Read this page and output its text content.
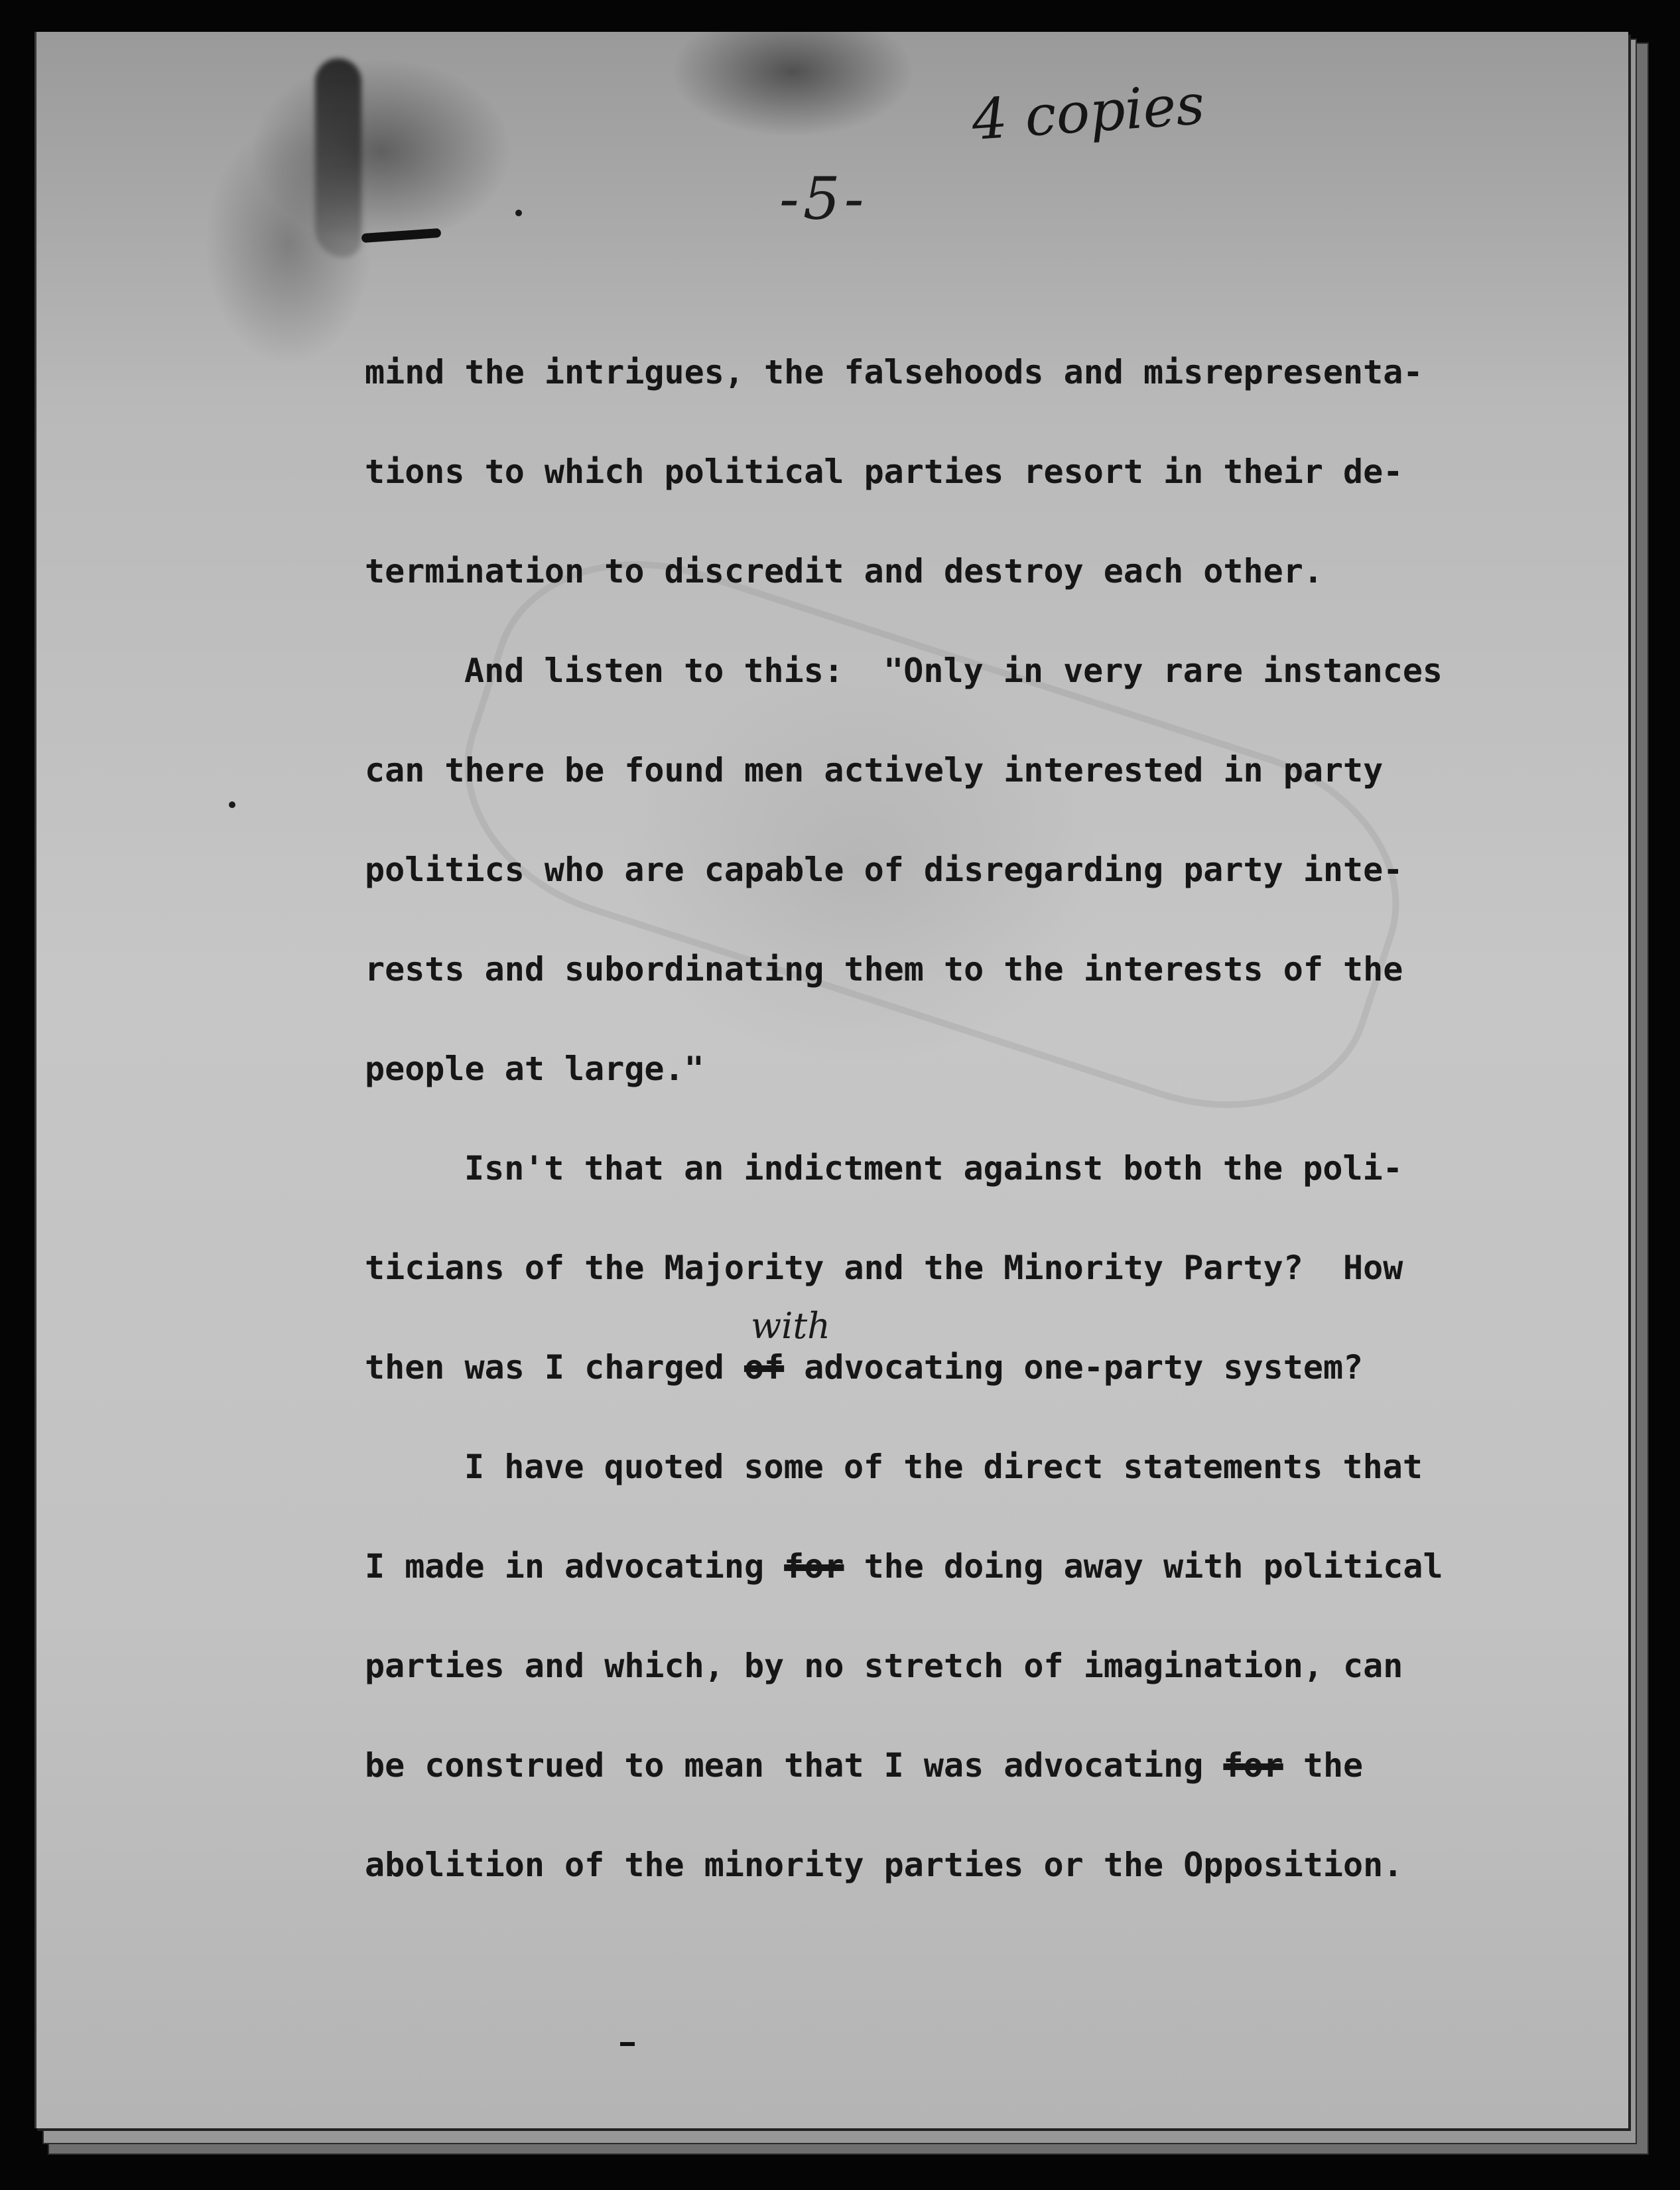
4 copies
-5-
mind the intrigues, the falsehoods and misrepresenta-
tions to which political parties resort in their de-
termination to discredit and destroy each other.
And listen to this:  "Only in very rare instances
can there be found men actively interested in party
politics who are capable of disregarding party inte-
rests and subordinating them to the interests of the
people at large."
Isn't that an indictment against both the poli-
ticians of the Majority and the Minority Party?  How
then was I charged
with
of advocating one-party system?
I have quoted some of the direct statements that
I made in advocating for the doing away with political
parties and which, by no stretch of imagination, can
be construed to mean that I was advocating for the
abolition of the minority parties or the Opposition.
